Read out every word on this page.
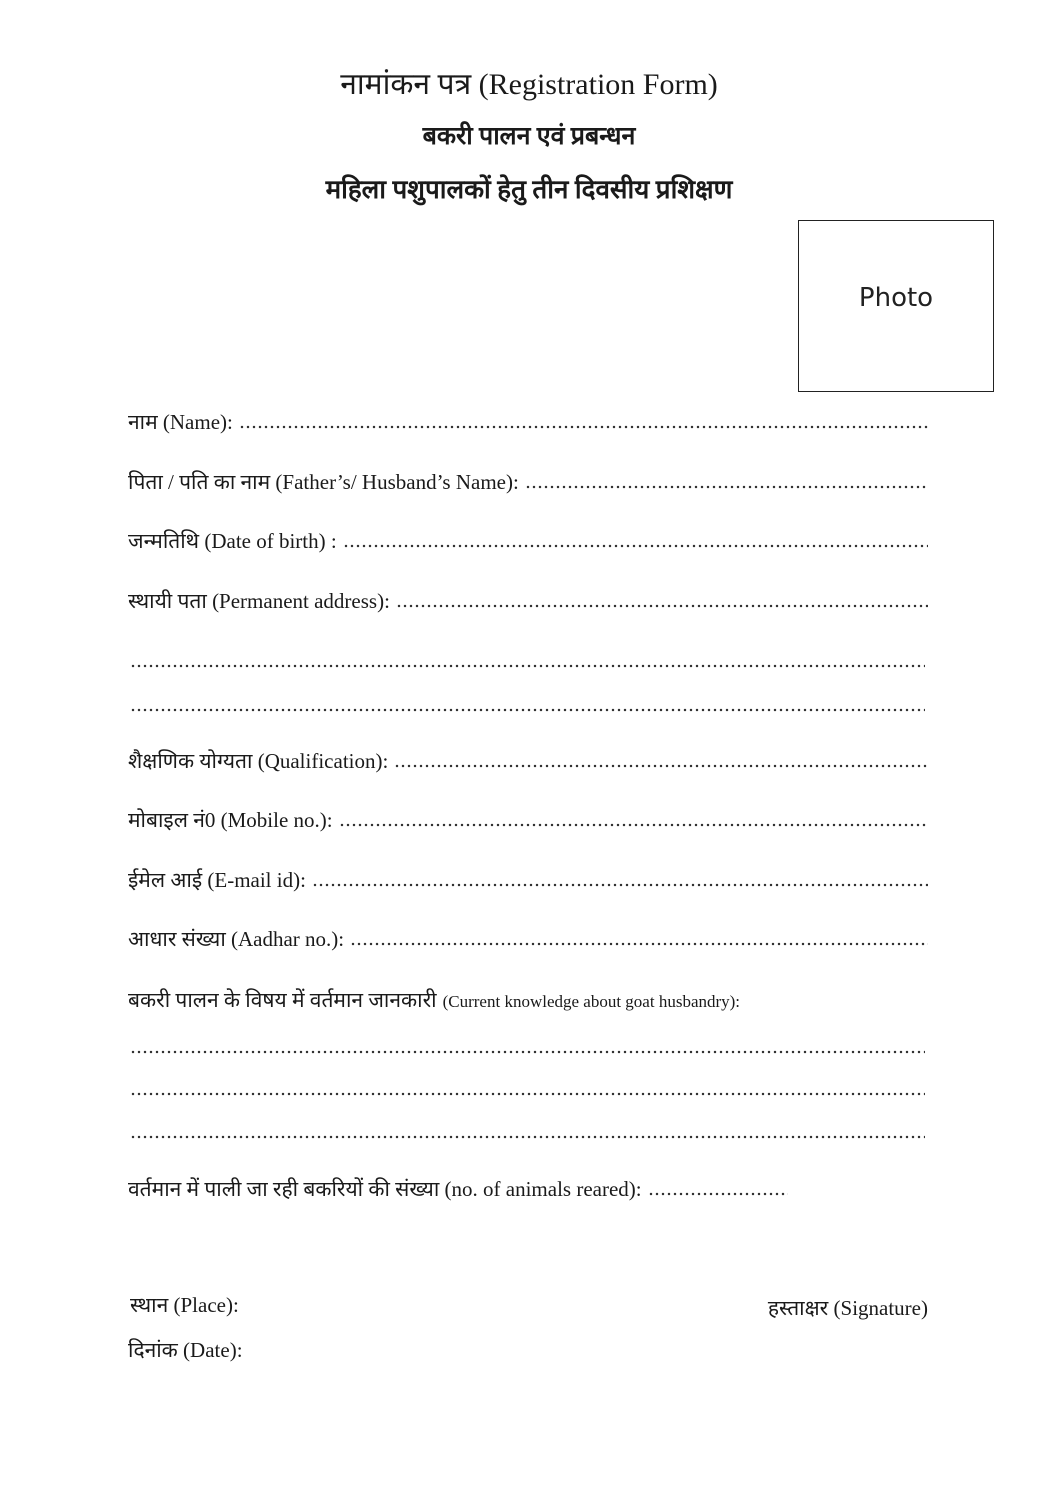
नामांकन पत्र (Registration Form)
बकरी पालन एवं प्रबन्धन
महिला पशुपालकों हेतु तीन दिवसीय प्रशिक्षण
Photo
नाम (Name):
पिता / पति का नाम (Father’s/ Husband’s Name):
जन्मतिथि (Date of birth) :
स्थायी पता (Permanent address):
शैक्षणिक योग्यता (Qualification):
मोबाइल नं0 (Mobile no.):
ईमेल आई (E-mail id):
आधार संख्या (Aadhar no.):
बकरी पालन के विषय में वर्तमान जानकारी (Current knowledge about goat husbandry):
वर्तमान में पाली जा रही बकरियों की संख्या (no. of animals reared):
स्थान (Place):
दिनांक (Date):
हस्ताक्षर (Signature)
